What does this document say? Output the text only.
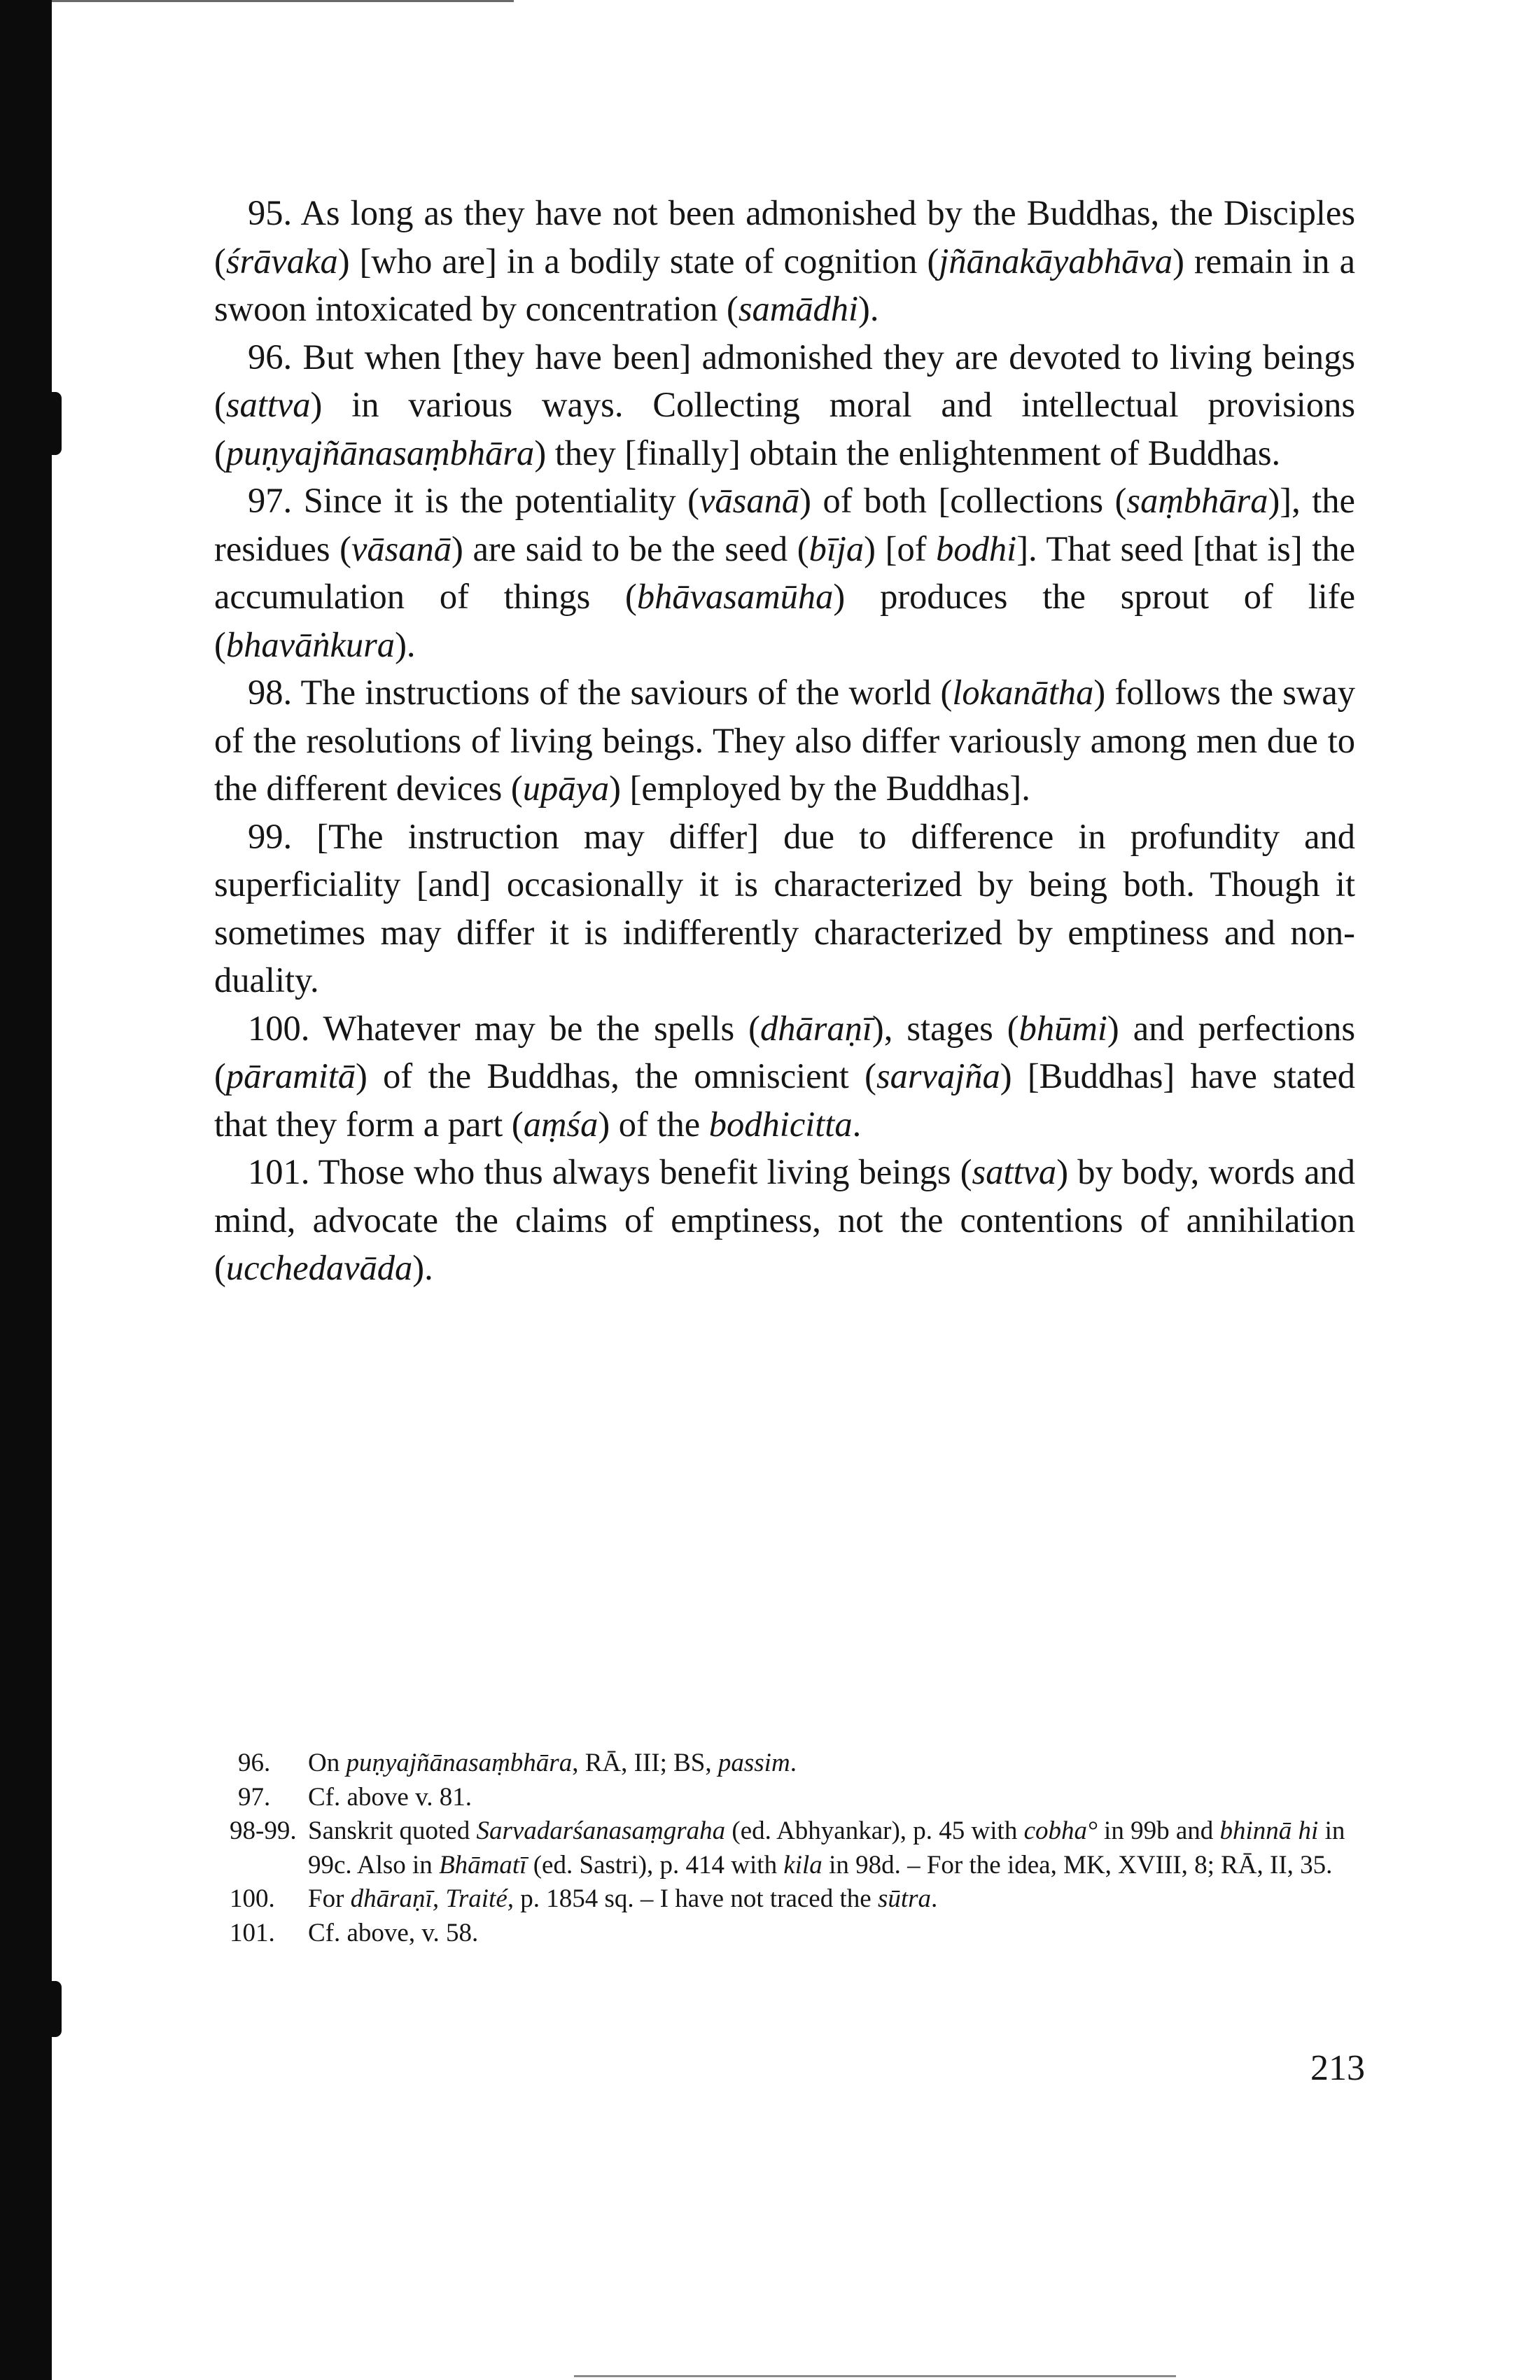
95. As long as they have not been admonished by the Buddhas, the Disciples (śrāvaka) [who are] in a bodily state of cognition (jñānakāyabhāva) remain in a swoon intoxicated by concentration (samādhi).

96. But when [they have been] admonished they are devoted to living beings (sattva) in various ways. Collecting moral and intellectual provisions (puṇyajñānasaṃbhāra) they [finally] obtain the enlightenment of Buddhas.

97. Since it is the potentiality (vāsanā) of both [collections (saṃbhāra)], the residues (vāsanā) are said to be the seed (bīja) [of bodhi]. That seed [that is] the accumulation of things (bhāvasamūha) produces the sprout of life (bhavāṅkura).

98. The instructions of the saviours of the world (lokanātha) follows the sway of the resolutions of living beings. They also differ variously among men due to the different devices (upāya) [employed by the Buddhas].

99. [The instruction may differ] due to difference in profundity and superficiality [and] occasionally it is characterized by being both. Though it sometimes may differ it is indifferently characterized by emptiness and non-duality.

100. Whatever may be the spells (dhāraṇī), stages (bhūmi) and perfections (pāramitā) of the Buddhas, the omniscient (sarvajña) [Buddhas] have stated that they form a part (aṃśa) of the bodhicitta.

101. Those who thus always benefit living beings (sattva) by body, words and mind, advocate the claims of emptiness, not the contentions of annihilation (ucchedavāda).

96. On puṇyajñānasaṃbhāra, RĀ, III; BS, passim.
97. Cf. above v. 81.
98-99. Sanskrit quoted Sarvadarśanasaṃgraha (ed. Abhyankar), p. 45 with cobha° in 99b and bhinnā hi in 99c. Also in Bhāmatī (ed. Sastri), p. 414 with kila in 98d. – For the idea, MK, XVIII, 8; RĀ, II, 35.
100. For dhāraṇī, Traité, p. 1854 sq. – I have not traced the sūtra.
101. Cf. above, v. 58.
213
